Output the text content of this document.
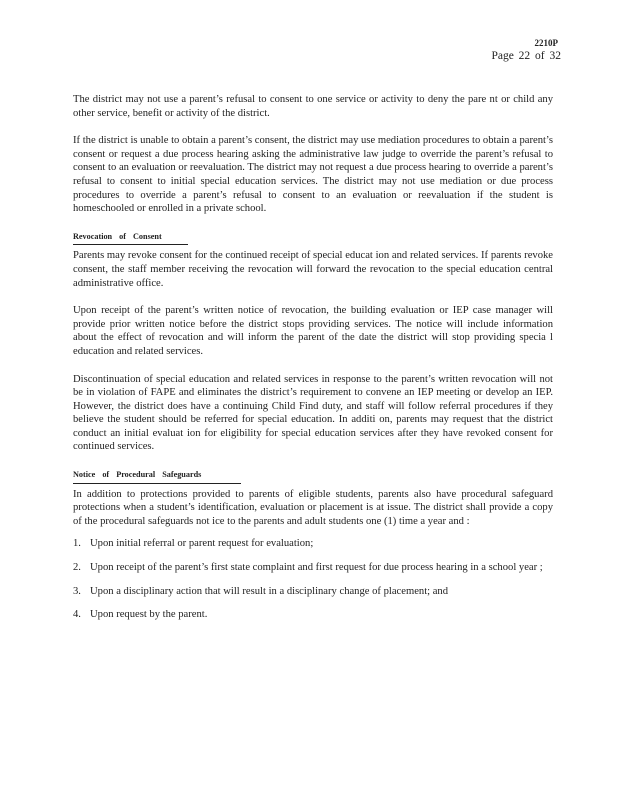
2210P
Page 22 of 32

The district may not use a parent’s refusal to consent to one service or activity to deny the pare nt or child any other service, benefit or activity of the district.

If the district is unable to obtain a parent’s consent, the district may use mediation procedures to obtain a parent’s consent or request a due process hearing asking the administrative law judge to override the parent’s refusal to consent to an evaluation or reevaluation. The district may not request a due process hearing to override a parent’s refusal to consent to initial special education services. The district may not use mediation or due process procedures to override a parent’s refusal to consent to an evaluation or reevaluation if the student is homeschooled or enrolled in a private school.

Revocation of Consent

Parents may revoke consent for the continued receipt of special educat ion and related services. If parents revoke consent, the staff member receiving the revocation will forward the revocation to the special education central administrative office.

Upon receipt of the parent’s written notice of revocation, the building evaluation or IEP case manager will provide prior written notice before the district stops providing services. The notice will include information about the effect of revocation and will inform the parent of the date the district will stop providing specia l education and related services.

Discontinuation of special education and related services in response to the parent’s written revocation will not be in violation of FAPE and eliminates the district’s requirement to convene an IEP meeting or develop an IEP. However, the district does have a continuing Child Find duty, and staff will follow referral procedures if they believe the student should be referred for special education. In additi on, parents may request that the district conduct an initial evaluat ion for eligibility for special education services after they have revoked consent for continued services.

Notice of Procedural Safeguards

In addition to protections provided to parents of eligible students, parents also have procedural safeguard protections when a student’s identification, evaluation or placement is at issue. The district shall provide a copy of the procedural safeguards not ice to the parents and adult students one (1) time a year and :

1. Upon initial referral or parent request for evaluation;
2. Upon receipt of the parent’s first state complaint and first request for due process hearing in a school year ;
3. Upon a disciplinary action that will result in a disciplinary change of placement; and
4. Upon request by the parent.
